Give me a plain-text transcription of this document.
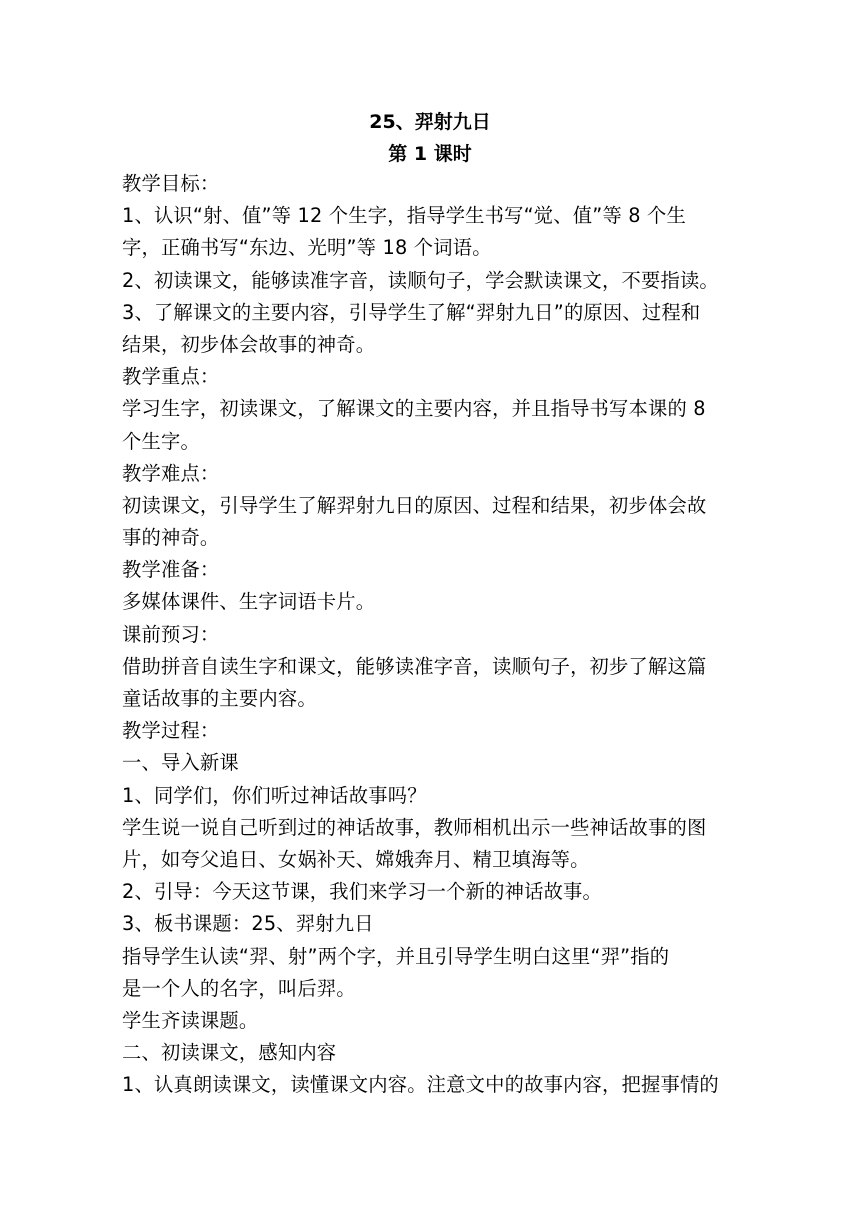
25、羿射九日
第 1 课时
教学目标：
1、认识“射、值”等 12 个生字，指导学生书写“觉、值”等 8 个生
字，正确书写“东边、光明”等 18 个词语。
2、初读课文，能够读准字音，读顺句子，学会默读课文，不要指读。
3、了解课文的主要内容，引导学生了解“羿射九日”的原因、过程和
结果，初步体会故事的神奇。
教学重点：
学习生字，初读课文，了解课文的主要内容，并且指导书写本课的 8
个生字。
教学难点：
初读课文，引导学生了解羿射九日的原因、过程和结果，初步体会故
事的神奇。
教学准备：
多媒体课件、生字词语卡片。
课前预习：
借助拼音自读生字和课文，能够读准字音，读顺句子，初步了解这篇
童话故事的主要内容。
教学过程：
一、导入新课
1、同学们，你们听过神话故事吗？
学生说一说自己听到过的神话故事，教师相机出示一些神话故事的图
片，如夸父追日、女娲补天、嫦娥奔月、精卫填海等。
2、引导：今天这节课，我们来学习一个新的神话故事。
3、板书课题：25、羿射九日
指导学生认读“羿、射”两个字，并且引导学生明白这里“羿”指的
是一个人的名字，叫后羿。
学生齐读课题。
二、初读课文，感知内容
1、认真朗读课文，读懂课文内容。注意文中的故事内容，把握事情的
